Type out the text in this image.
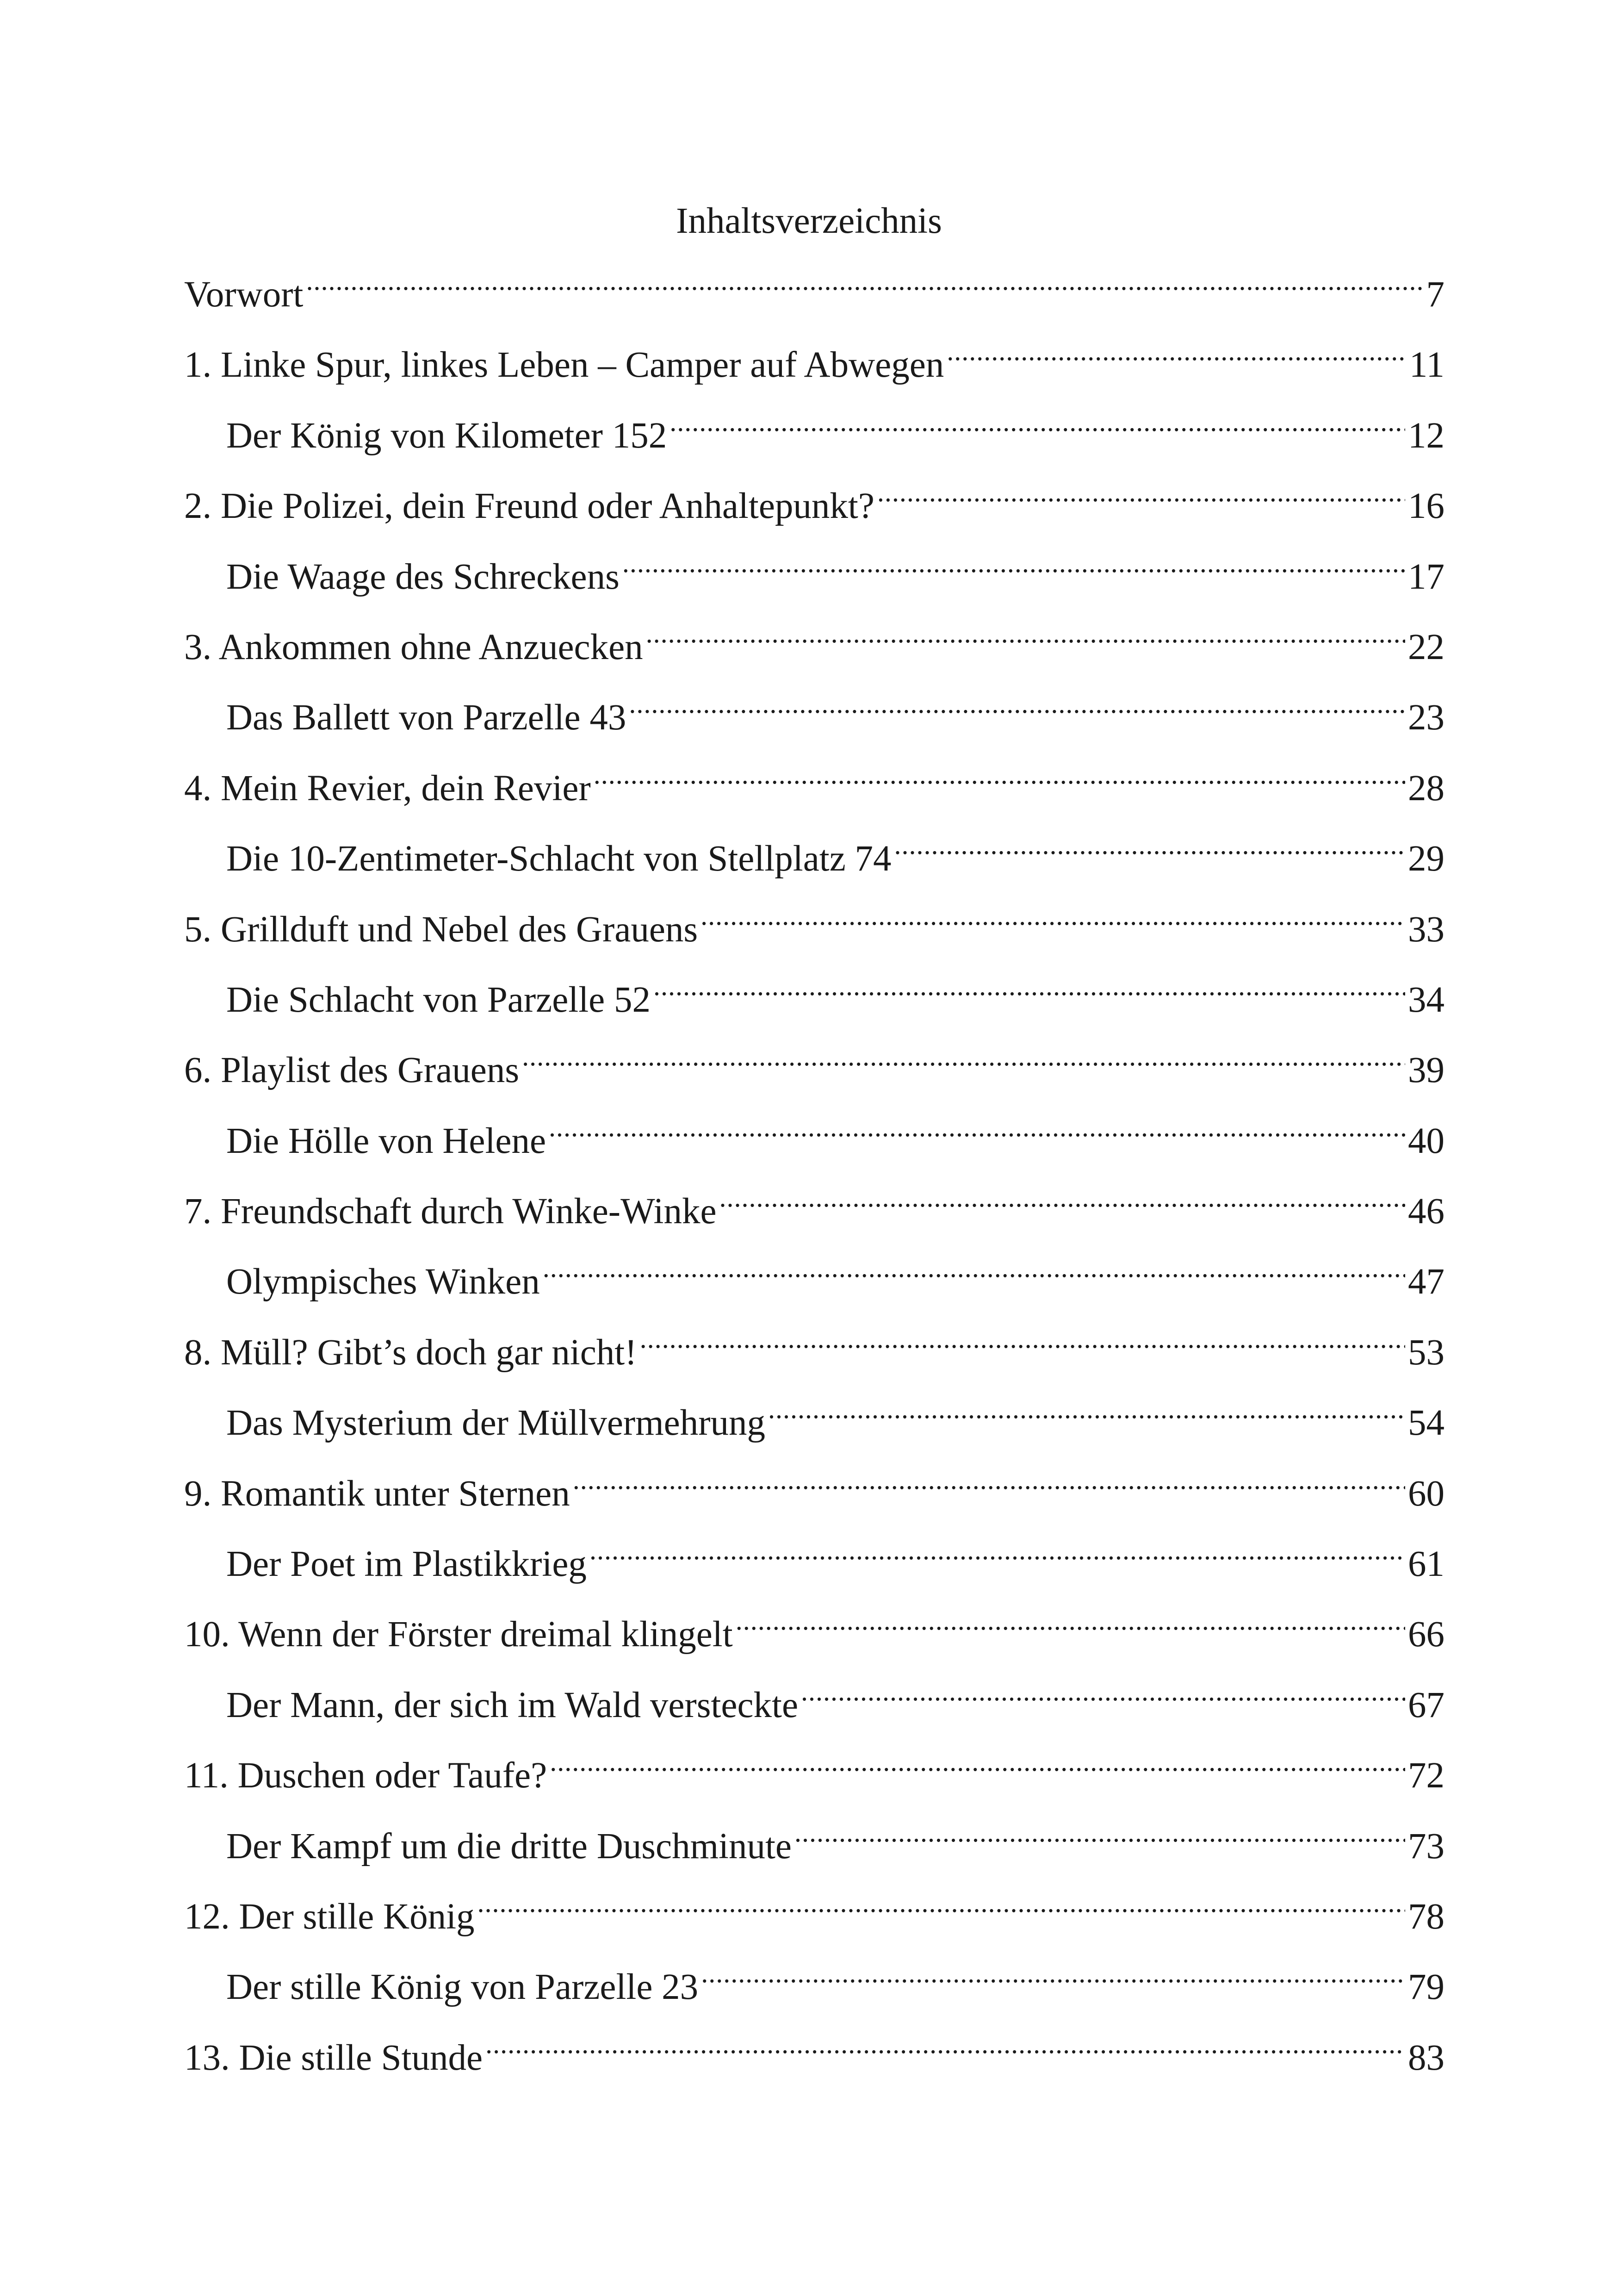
Inhaltsverzeichnis
Vorwort .....	7
1. Linke Spur, linkes Leben – Camper auf Abwegen .....	11
Der König von Kilometer 152 .....	12
2. Die Polizei, dein Freund oder Anhaltepunkt? .....	16
Die Waage des Schreckens .....	17
3. Ankommen ohne Anzuecken .....	22
Das Ballett von Parzelle 43 .....	23
4. Mein Revier, dein Revier .....	28
Die 10-Zentimeter-Schlacht von Stellplatz 74 .....	29
5. Grillduft und Nebel des Grauens .....	33
Die Schlacht von Parzelle 52 .....	34
6. Playlist des Grauens .....	39
Die Hölle von Helene .....	40
7. Freundschaft durch Winke-Winke .....	46
Olympisches Winken .....	47
8. Müll? Gibt’s doch gar nicht! .....	53
Das Mysterium der Müllvermehrung .....	54
9. Romantik unter Sternen .....	60
Der Poet im Plastikkrieg .....	61
10. Wenn der Förster dreimal klingelt .....	66
Der Mann, der sich im Wald versteckte .....	67
11. Duschen oder Taufe? .....	72
Der Kampf um die dritte Duschminute .....	73
12. Der stille König .....	78
Der stille König von Parzelle 23 .....	79
13. Die stille Stunde .....	83
